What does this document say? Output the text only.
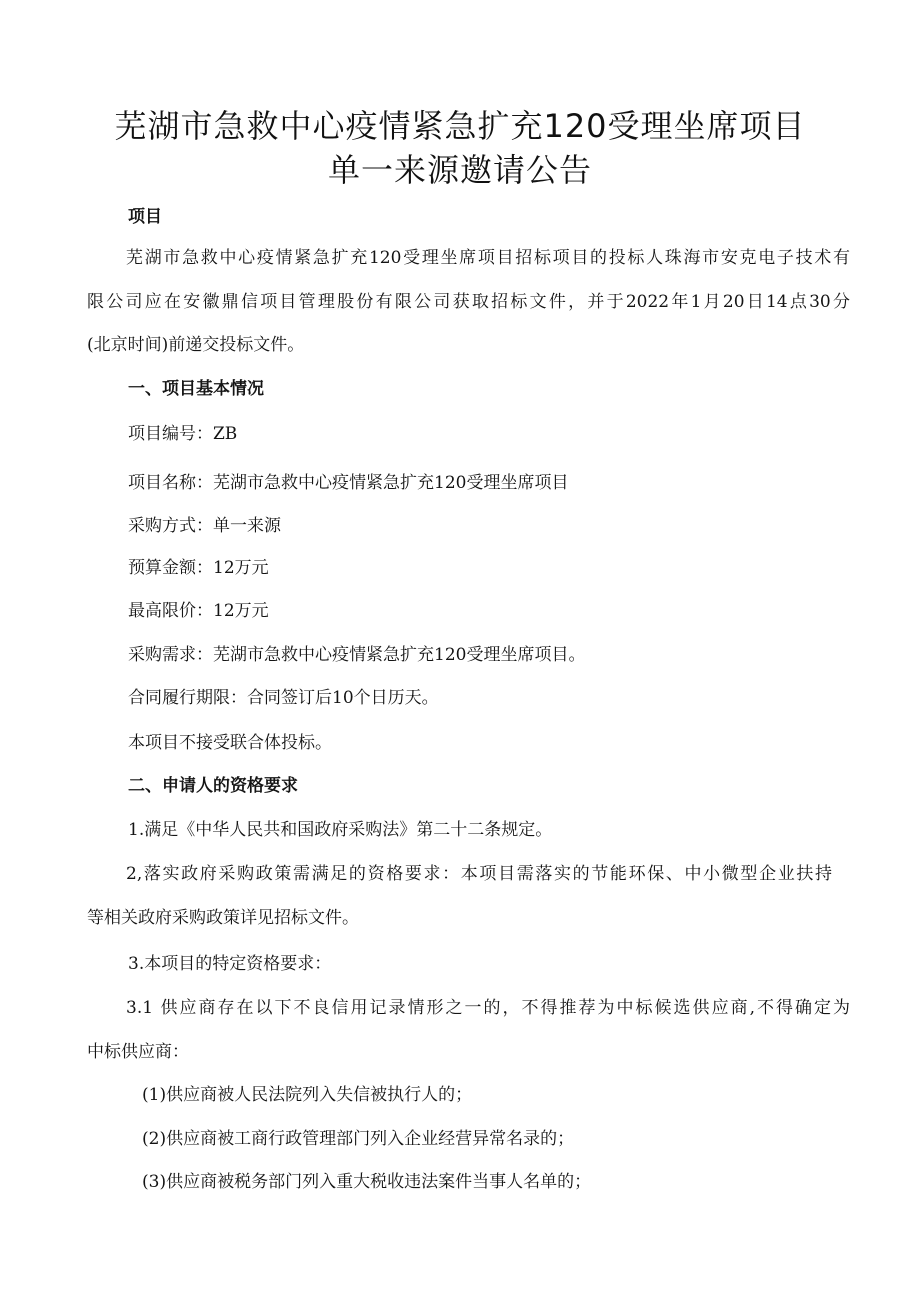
芜湖市急救中心疫情紧急扩充120受理坐席项目
单一来源邀请公告
项目
芜湖市急救中心疫情紧急扩充120受理坐席项目招标项目的投标人珠海市安克电子技术有
限公司应在安徽鼎信项目管理股份有限公司获取招标文件，并于2022年1月20日14点30分
(北京时间)前递交投标文件。
一、项目基本情况
项目编号：ZB
项目名称：芜湖市急救中心疫情紧急扩充120受理坐席项目
采购方式：单一来源
预算金额：12万元
最高限价：12万元
采购需求：芜湖市急救中心疫情紧急扩充120受理坐席项目。
合同履行期限：合同签订后10个日历天。
本项目不接受联合体投标。
二、申请人的资格要求
1.满足《中华人民共和国政府采购法》第二十二条规定。
2,落实政府采购政策需满足的资格要求：本项目需落实的节能环保、中小微型企业扶持
等相关政府采购政策详见招标文件。
3.本项目的特定资格要求：
3.1 供应商存在以下不良信用记录情形之一的，不得推荐为中标候选供应商,不得确定为
中标供应商：
(1)供应商被人民法院列入失信被执行人的；
(2)供应商被工商行政管理部门列入企业经营异常名录的；
(3)供应商被税务部门列入重大税收违法案件当事人名单的；
